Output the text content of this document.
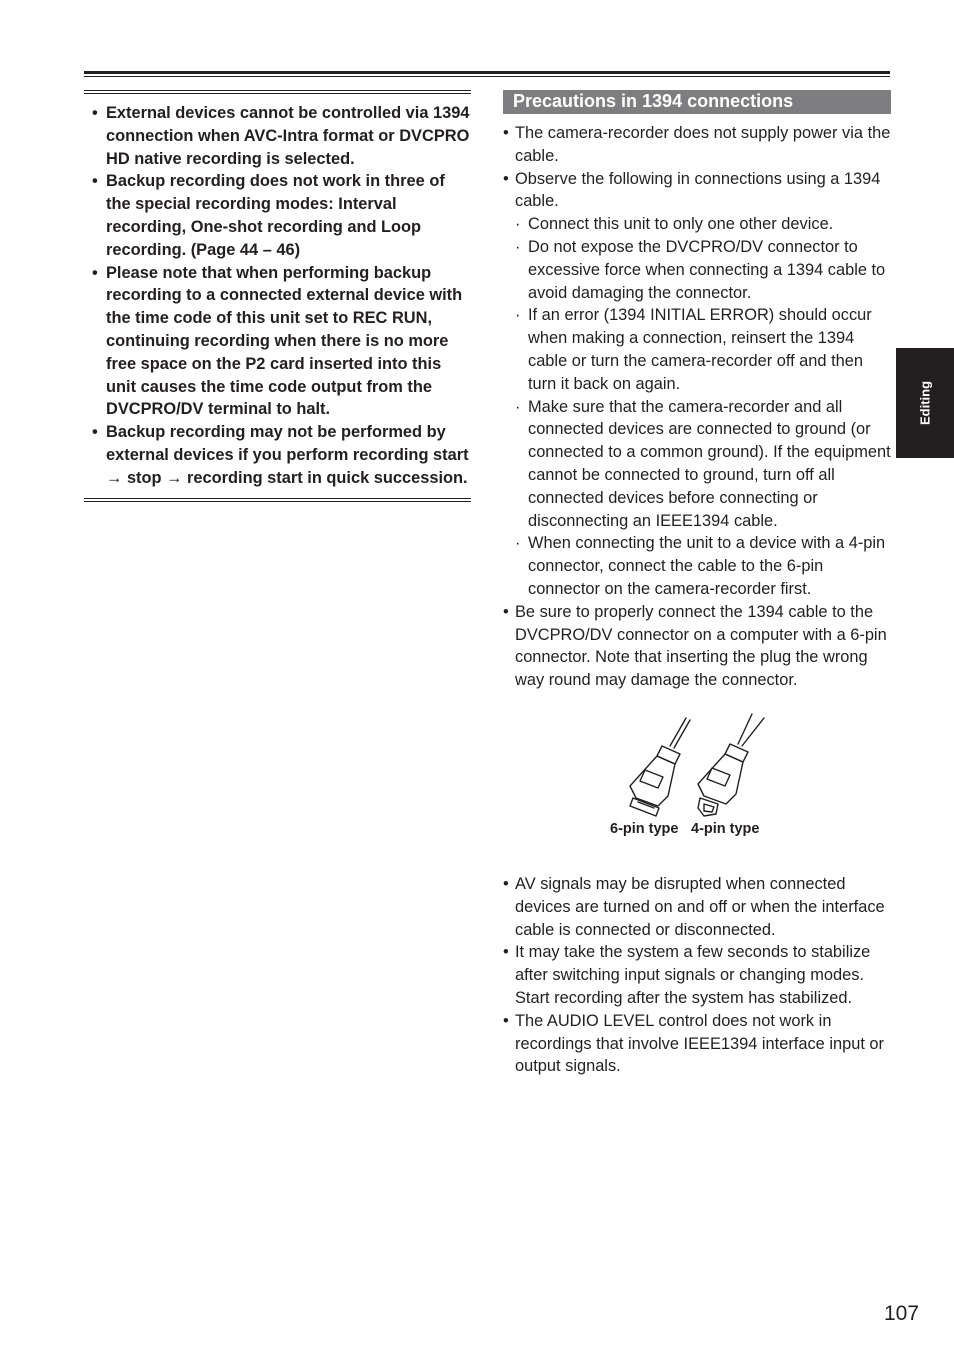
• External devices cannot be controlled via 1394 connection when AVC-Intra format or DVCPRO HD native recording is selected.
• Backup recording does not work in three of the special recording modes: Interval recording, One-shot recording and Loop recording. (Page 44 – 46)
• Please note that when performing backup recording to a connected external device with the time code of this unit set to REC RUN, continuing recording when there is no more free space on the P2 card inserted into this unit causes the time code output from the DVCPRO/DV terminal to halt.
• Backup recording may not be performed by external devices if you perform recording start → stop → recording start in quick succession.
Precautions in 1394 connections
• The camera-recorder does not supply power via the cable.
• Observe the following in connections using a 1394 cable.
· Connect this unit to only one other device.
· Do not expose the DVCPRO/DV connector to excessive force when connecting a 1394 cable to avoid damaging the connector.
· If an error (1394 INITIAL ERROR) should occur when making a connection, reinsert the 1394 cable or turn the camera-recorder off and then turn it back on again.
· Make sure that the camera-recorder and all connected devices are connected to ground (or connected to a common ground). If the equipment cannot be connected to ground, turn off all connected devices before connecting or disconnecting an IEEE1394 cable.
· When connecting the unit to a device with a 4-pin connector, connect the cable to the 6-pin connector on the camera-recorder first.
• Be sure to properly connect the 1394 cable to the DVCPRO/DV connector on a computer with a 6-pin connector. Note that inserting the plug the wrong way round may damage the connector.
6-pin type 4-pin type
• AV signals may be disrupted when connected devices are turned on and off or when the interface cable is connected or disconnected.
• It may take the system a few seconds to stabilize after switching input signals or changing modes. Start recording after the system has stabilized.
• The AUDIO LEVEL control does not work in recordings that involve IEEE1394 interface input or output signals.
Editing
107
